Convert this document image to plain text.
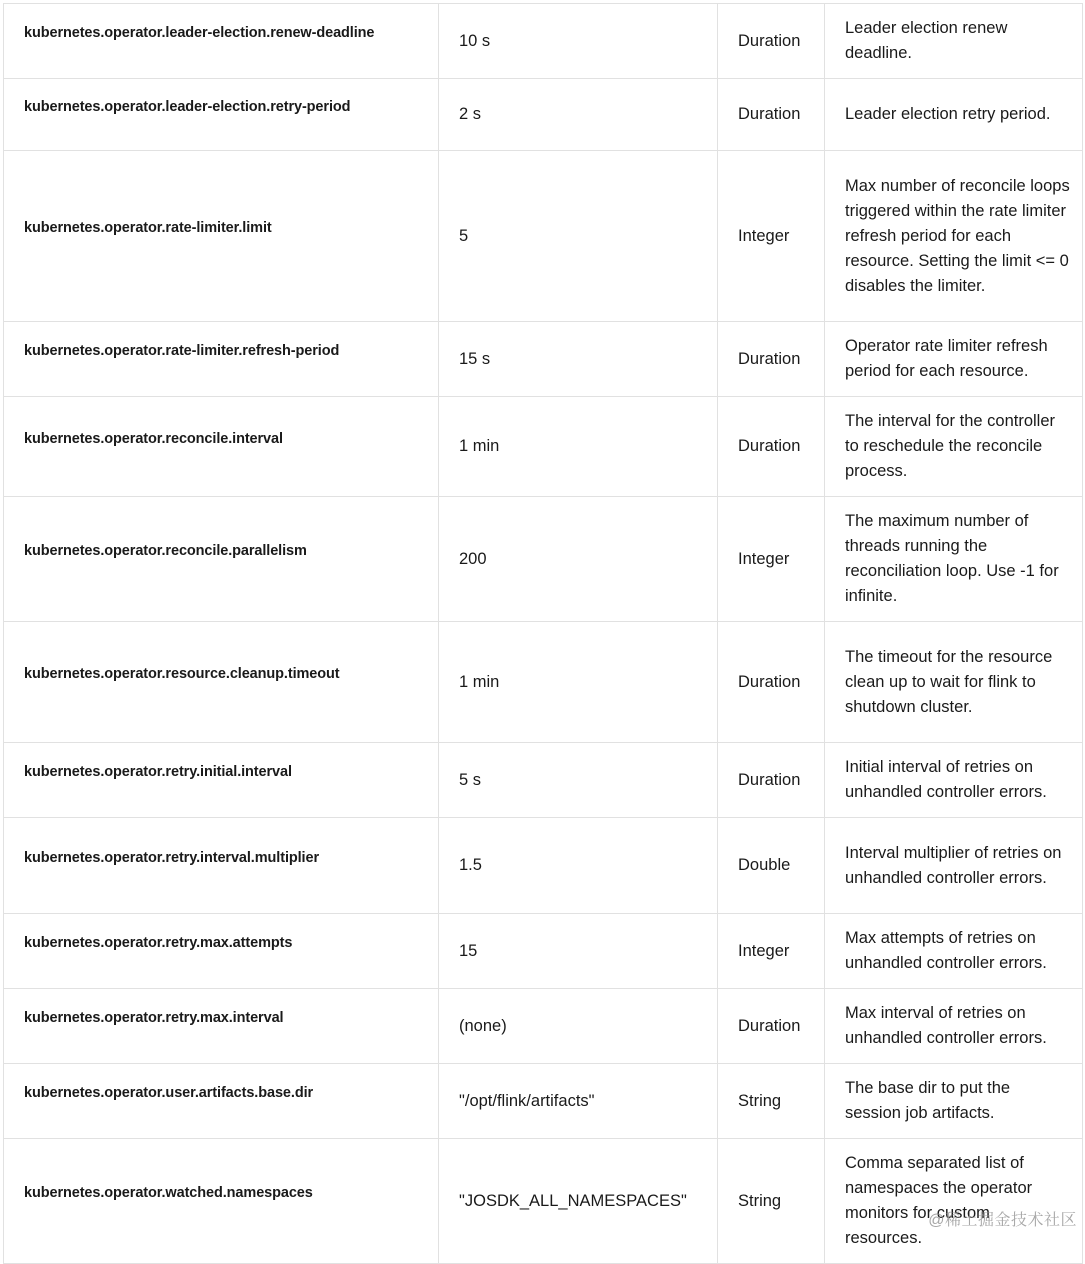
kubernetes.operator.leader-election.renew-deadline	10 s	Duration	Leader election renew deadline.
kubernetes.operator.leader-election.retry-period	2 s	Duration	Leader election retry period.
kubernetes.operator.rate-limiter.limit	5	Integer	Max number of reconcile loops triggered within the rate limiter refresh period for each resource. Setting the limit <= 0 disables the limiter.
kubernetes.operator.rate-limiter.refresh-period	15 s	Duration	Operator rate limiter refresh period for each resource.
kubernetes.operator.reconcile.interval	1 min	Duration	The interval for the controller to reschedule the reconcile process.
kubernetes.operator.reconcile.parallelism	200	Integer	The maximum number of threads running the reconciliation loop. Use -1 for infinite.
kubernetes.operator.resource.cleanup.timeout	1 min	Duration	The timeout for the resource clean up to wait for flink to shutdown cluster.
kubernetes.operator.retry.initial.interval	5 s	Duration	Initial interval of retries on unhandled controller errors.
kubernetes.operator.retry.interval.multiplier	1.5	Double	Interval multiplier of retries on unhandled controller errors.
kubernetes.operator.retry.max.attempts	15	Integer	Max attempts of retries on unhandled controller errors.
kubernetes.operator.retry.max.interval	(none)	Duration	Max interval of retries on unhandled controller errors.
kubernetes.operator.user.artifacts.base.dir	"/opt/flink/artifacts"	String	The base dir to put the session job artifacts.
kubernetes.operator.watched.namespaces	"JOSDK_ALL_NAMESPACES"	String	Comma separated list of namespaces the operator monitors for custom resources.
@稀土掘金技术社区
